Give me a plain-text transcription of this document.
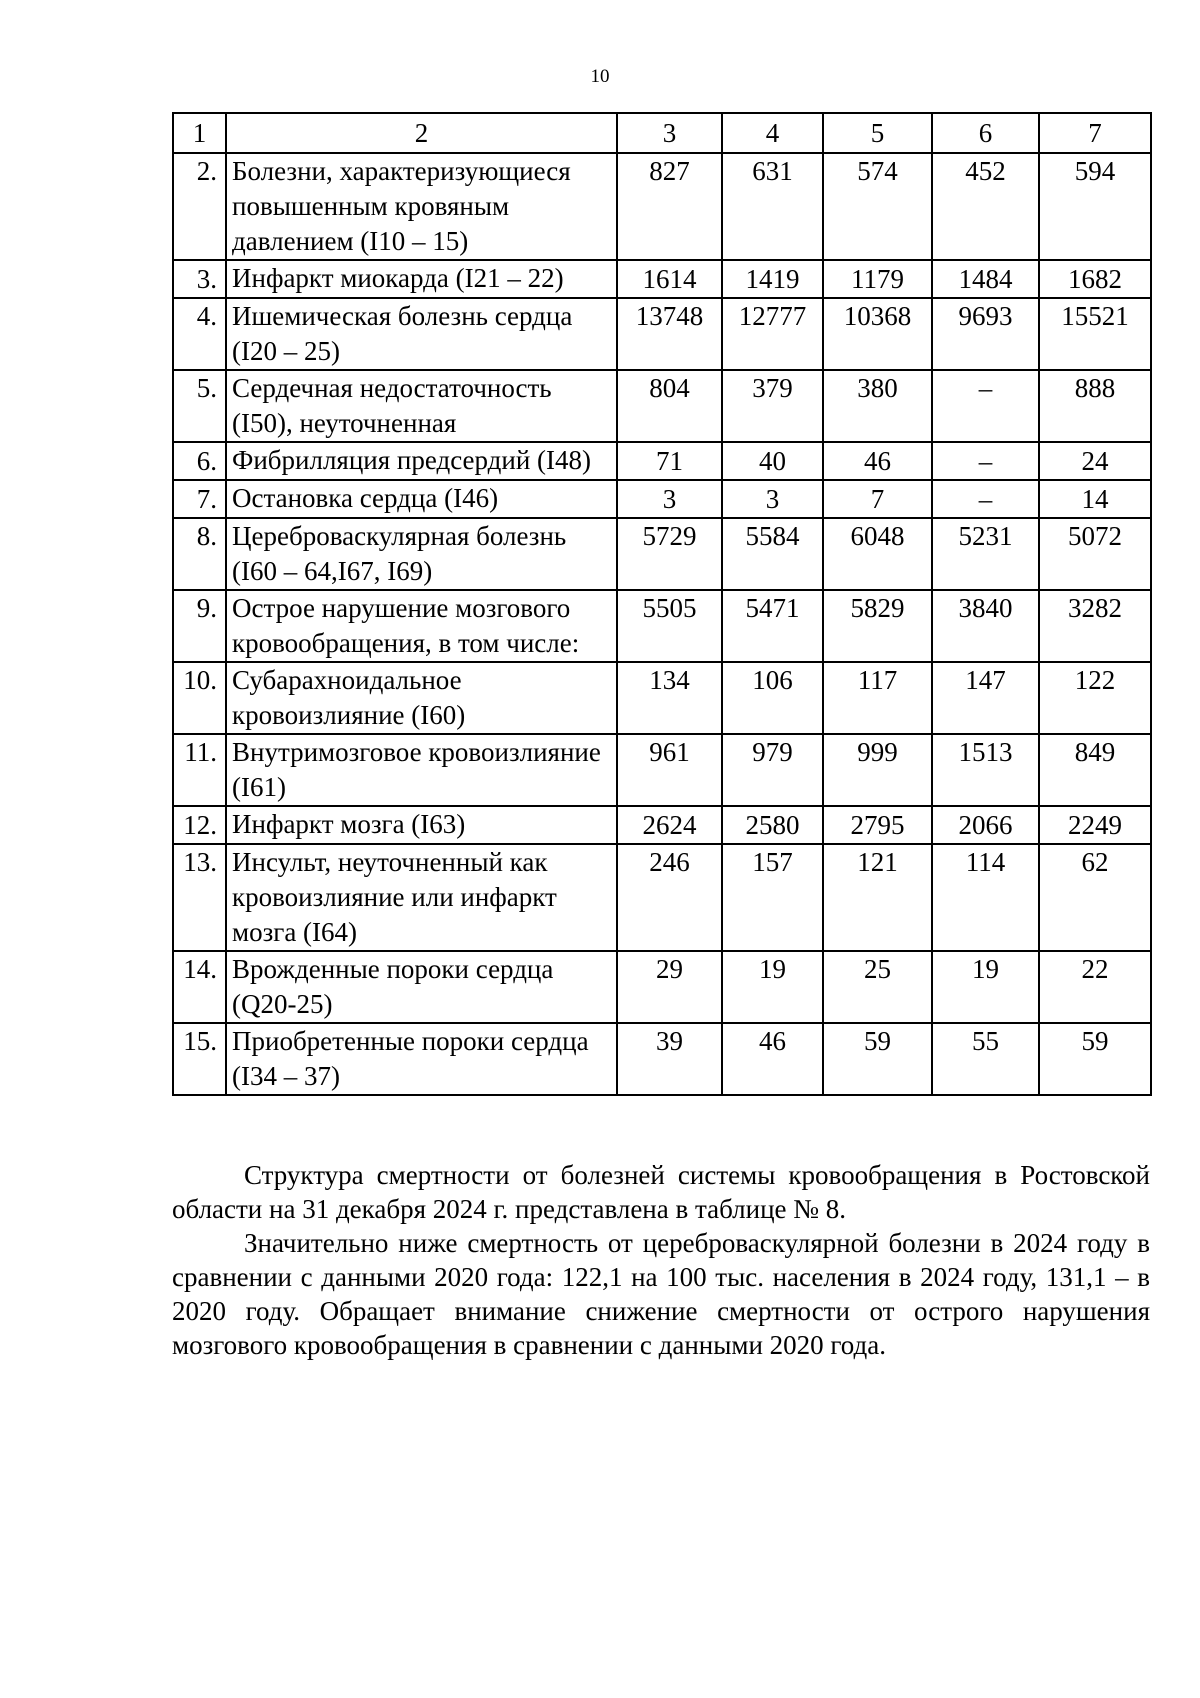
10
1	2	3	4	5	6	7
2.	Болезни, характеризующиеся повышенным кровяным давлением (I10 – 15)	827	631	574	452	594
3.	Инфаркт миокарда (I21 – 22)	1614	1419	1179	1484	1682
4.	Ишемическая болезнь сердца (I20 – 25)	13748	12777	10368	9693	15521
5.	Сердечная недостаточность (I50), неуточненная	804	379	380	–	888
6.	Фибрилляция предсердий (I48)	71	40	46	–	24
7.	Остановка сердца (I46)	3	3	7	–	14
8.	Цереброваскулярная болезнь (I60 – 64,I67, I69)	5729	5584	6048	5231	5072
9.	Острое нарушение мозгового кровообращения, в том числе:	5505	5471	5829	3840	3282
10.	Субарахноидальное кровоизлияние (I60)	134	106	117	147	122
11.	Внутримозговое кровоизлияние (I61)	961	979	999	1513	849
12.	Инфаркт мозга (I63)	2624	2580	2795	2066	2249
13.	Инсульт, неуточненный как кровоизлияние или инфаркт мозга (I64)	246	157	121	114	62
14.	Врожденные пороки сердца (Q20-25)	29	19	25	19	22
15.	Приобретенные пороки сердца (I34 – 37)	39	46	59	55	59

Структура смертности от болезней системы кровообращения в Ростовской области на 31 декабря 2024 г. представлена в таблице № 8.

Значительно ниже смертность от цереброваскулярной болезни в 2024 году в сравнении с данными 2020 года: 122,1 на 100 тыс. населения в 2024 году, 131,1 – в 2020 году. Обращает внимание снижение смертности от острого нарушения мозгового кровообращения в сравнении с данными 2020 года.
